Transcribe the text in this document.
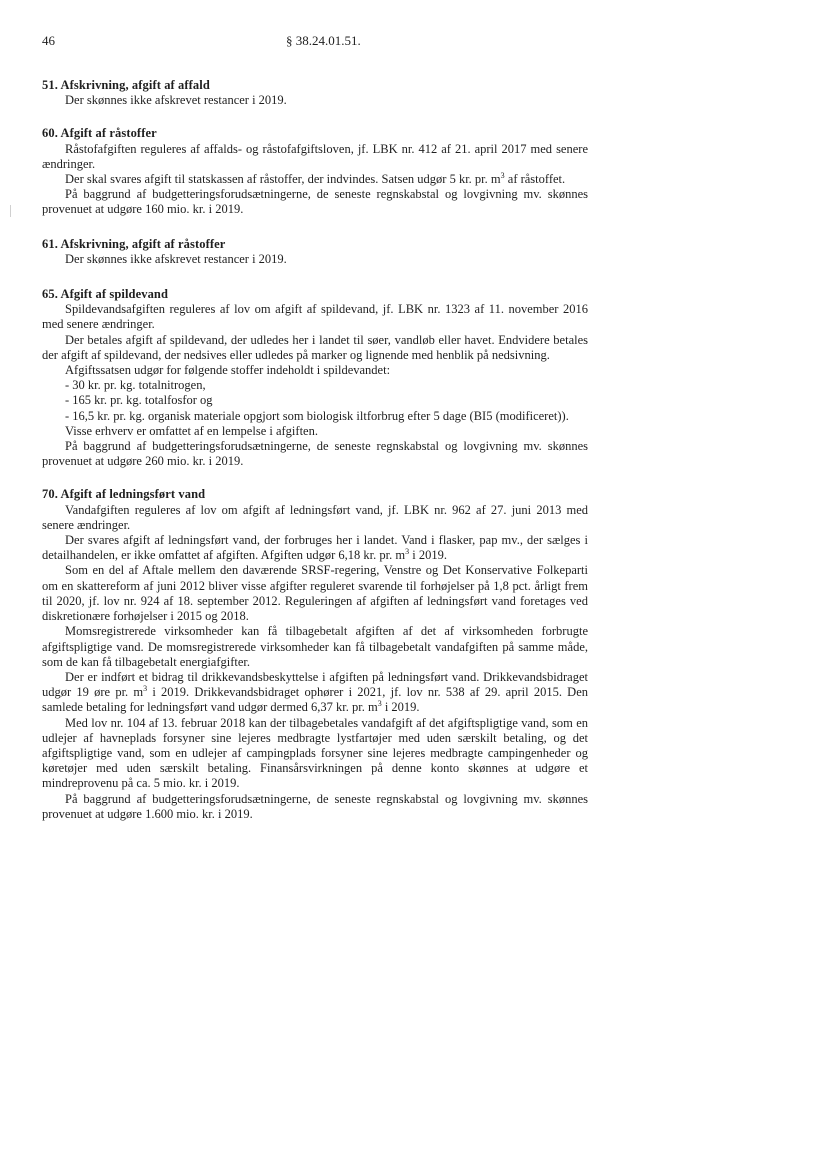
46	§ 38.24.01.51.

51. Afskrivning, afgift af affald

Der skønnes ikke afskrevet restancer i 2019.

60. Afgift af råstoffer

Råstofafgiften reguleres af affalds- og råstofafgiftsloven, jf. LBK nr. 412 af 21. april 2017 med senere ændringer.

Der skal svares afgift til statskassen af råstoffer, der indvindes. Satsen udgør 5 kr. pr. $m^3$ af råstoffet.

På baggrund af budgetteringsforudsætningerne, de seneste regnskabstal og lovgivning mv. skønnes provenuet at udgøre 160 mio. kr. i 2019.

61. Afskrivning, afgift af råstoffer

Der skønnes ikke afskrevet restancer i 2019.

65. Afgift af spildevand

Spildevandsafgiften reguleres af lov om afgift af spildevand, jf. LBK nr. 1323 af 11. november 2016 med senere ændringer.

Der betales afgift af spildevand, der udledes her i landet til søer, vandløb eller havet. Endvidere betales der afgift af spildevand, der nedsives eller udledes på marker og lignende med henblik på nedsivning.

Afgiftssatsen udgør for følgende stoffer indeholdt i spildevandet:

- 30 kr. pr. kg. totalnitrogen,

- 165 kr. pr. kg. totalfosfor og

- 16,5 kr. pr. kg. organisk materiale opgjort som biologisk iltforbrug efter 5 dage (BI5 (modificeret)).

Visse erhverv er omfattet af en lempelse i afgiften.

På baggrund af budgetteringsforudsætningerne, de seneste regnskabstal og lovgivning mv. skønnes provenuet at udgøre 260 mio. kr. i 2019.

70. Afgift af ledningsført vand

Vandafgiften reguleres af lov om afgift af ledningsført vand, jf. LBK nr. 962 af 27. juni 2013 med senere ændringer.

Der svares afgift af ledningsført vand, der forbruges her i landet. Vand i flasker, pap mv., der sælges i detailhandelen, er ikke omfattet af afgiften. Afgiften udgør 6,18 kr. pr. $m^3$ i 2019.

Som en del af Aftale mellem den daværende SRSF-regering, Venstre og Det Konservative Folkeparti om en skattereform af juni 2012 bliver visse afgifter reguleret svarende til forhøjelser på 1,8 pct. årligt frem til 2020, jf. lov nr. 924 af 18. september 2012. Reguleringen af afgiften af ledningsført vand foretages ved diskretionære forhøjelser i 2015 og 2018.

Momsregistrerede virksomheder kan få tilbagebetalt afgiften af det af virksomheden forbrugte afgiftspligtige vand. De momsregistrerede virksomheder kan få tilbagebetalt vandafgiften på samme måde, som de kan få tilbagebetalt energiafgifter.

Der er indført et bidrag til drikkevandsbeskyttelse i afgiften på ledningsført vand. Drikkevandsbidraget udgør 19 øre pr. $m^3$ i 2019. Drikkevandsbidraget ophører i 2021, jf. lov nr. 538 af 29. april 2015. Den samlede betaling for ledningsført vand udgør dermed 6,37 kr. pr. $m^3$ i 2019.

Med lov nr. 104 af 13. februar 2018 kan der tilbagebetales vandafgift af det afgiftspligtige vand, som en udlejer af havneplads forsyner sine lejeres medbragte lystfartøjer med uden særskilt betaling, og det afgiftspligtige vand, som en udlejer af campingplads forsyner sine lejeres medbragte campingenheder og køretøjer med uden særskilt betaling. Finansårsvirkningen på denne konto skønnes at udgøre et mindreprovenu på ca. 5 mio. kr. i 2019.

På baggrund af budgetteringsforudsætningerne, de seneste regnskabstal og lovgivning mv. skønnes provenuet at udgøre 1.600 mio. kr. i 2019.
